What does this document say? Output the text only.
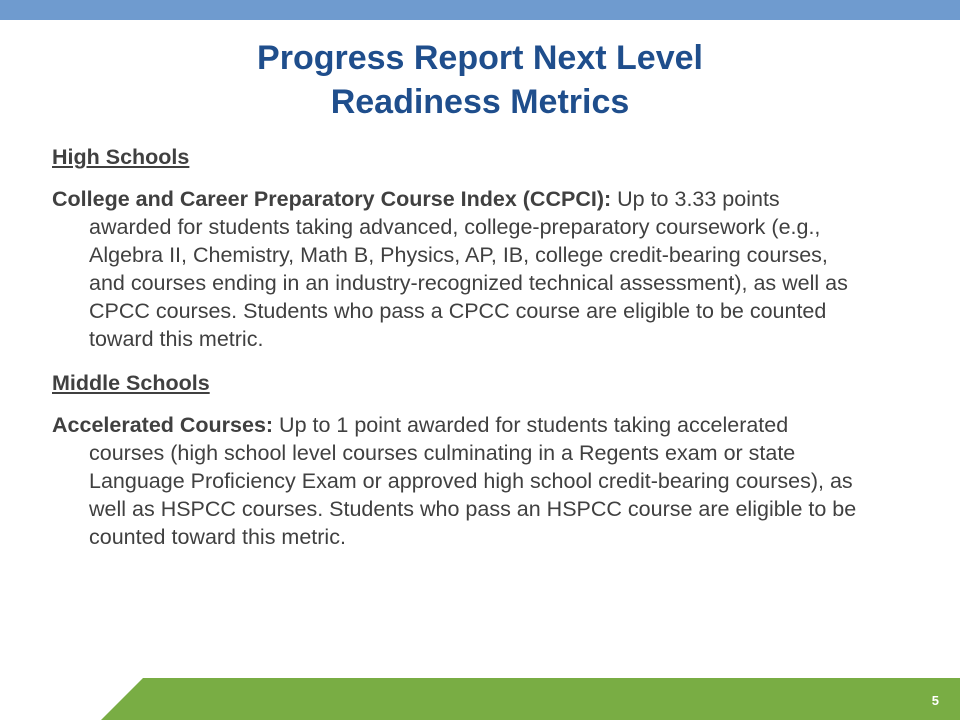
Progress Report Next Level
Readiness Metrics

High Schools

College and Career Preparatory Course Index (CCPCI): Up to 3.33 points awarded for students taking advanced, college-preparatory coursework (e.g., Algebra II, Chemistry, Math B, Physics, AP, IB, college credit-bearing courses, and courses ending in an industry-recognized technical assessment), as well as CPCC courses. Students who pass a CPCC course are eligible to be counted toward this metric.

Middle Schools

Accelerated Courses: Up to 1 point awarded for students taking accelerated courses (high school level courses culminating in a Regents exam or state Language Proficiency Exam or approved high school credit-bearing courses), as well as HSPCC courses. Students who pass an HSPCC course are eligible to be counted toward this metric.

5
